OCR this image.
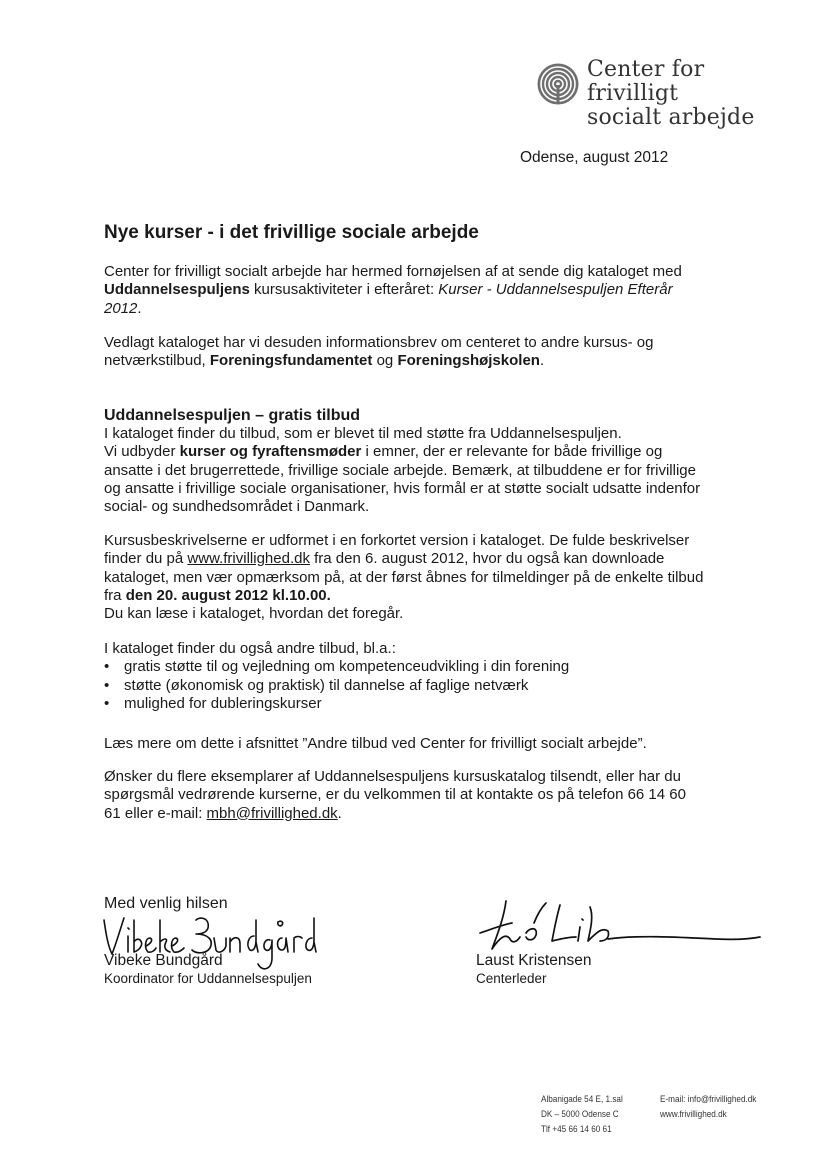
Center for frivilligt
socialt arbejde
Odense, august 2012
Nye kurser - i det frivillige sociale arbejde

Center for frivilligt socialt arbejde har hermed fornøjelsen af at sende dig kataloget med Uddannelsespuljens kursusaktiviteter i efteråret: Kurser - Uddannelsespuljen Efterår 2012.

Vedlagt kataloget har vi desuden informationsbrev om centeret to andre kursus- og netværkstilbud, Foreningsfundamentet og Foreningshøjskolen.

Uddannelsespuljen – gratis tilbud

I kataloget finder du tilbud, som er blevet til med støtte fra Uddannelsespuljen.

Vi udbyder kurser og fyraftensmøder i emner, der er relevante for både frivillige og ansatte i det brugerrettede, frivillige sociale arbejde. Bemærk, at tilbuddene er for frivillige og ansatte i frivillige sociale organisationer, hvis formål er at støtte socialt udsatte indenfor social- og sundhedsområdet i Danmark.

Kursusbeskrivelserne er udformet i en forkortet version i kataloget. De fulde beskrivelser finder du på www.frivillighed.dk fra den 6. august 2012, hvor du også kan downloade kataloget, men vær opmærksom på, at der først åbnes for tilmeldinger på de enkelte tilbud fra den 20. august 2012 kl.10.00.

Du kan læse i kataloget, hvordan det foregår.

I kataloget finder du også andre tilbud, bl.a.:

• gratis støtte til og vejledning om kompetenceudvikling i din forening
• støtte (økonomisk og praktisk) til dannelse af faglige netværk
• mulighed for dubleringskurser

Læs mere om dette i afsnittet ”Andre tilbud ved Center for frivilligt socialt arbejde”.

Ønsker du flere eksemplarer af Uddannelsespuljens kursuskatalog tilsendt, eller har du spørgsmål vedrørende kurserne, er du velkommen til at kontakte os på telefon 66 14 60 61 eller e-mail: mbh@frivillighed.dk.

Med venlig hilsen
Vibeke Bundgård
Koordinator for Uddannelsespuljen
Laust Kristensen
Centerleder
Albanigade 54 E, 1.sal
DK – 5000 Odense C
Tlf +45 66 14 60 61
E-mail: info@frivillighed.dk
www.frivillighed.dk
